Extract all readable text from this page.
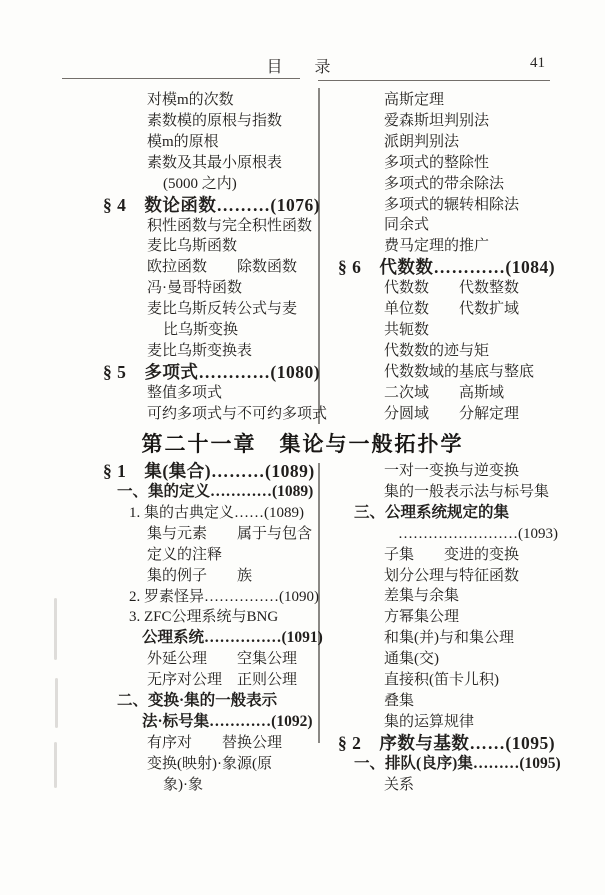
目　录	41
第二十一章　集论与一般拓扑学
对模m的次数
素数模的原根与指数
模m的原根
素数及其最小原根表
(5000 之内)
§ 4　数论函数………(1076)
积性函数与完全积性函数
麦比乌斯函数
欧拉函数　　除数函数
冯·曼哥特函数
麦比乌斯反转公式与麦
比乌斯变换
麦比乌斯变换表
§ 5　多项式…………(1080)
整值多项式
可约多项式与不可约多项式
高斯定理
爱森斯坦判别法
派朗判别法
多项式的整除性
多项式的带余除法
多项式的辗转相除法
同余式
费马定理的推广
§ 6　代数数…………(1084)
代数数　　代数整数
单位数　　代数扩域
共轭数
代数数的迹与矩
代数数域的基底与整底
二次域　　高斯域
分圆域　　分解定理
§ 1　集(集合)………(1089)
一、集的定义…………(1089)
1. 集的古典定义……(1089)
集与元素　　属于与包含
定义的注释
集的例子　　族
2. 罗素怪异……………(1090)
3. ZFC公理系统与BNG
公理系统……………(1091)
外延公理　　空集公理
无序对公理　正则公理
二、变换·集的一般表示
法·标号集…………(1092)
有序对　　替换公理
变换(映射)·象源(原
象)·象
一对一变换与逆变换
集的一般表示法与标号集
三、公理系统规定的集
……………………(1093)
子集　　变进的变换
划分公理与特征函数
差集与余集
方幂集公理
和集(并)与和集公理
通集(交)
直接积(笛卡儿积)
叠集
集的运算规律
§ 2　序数与基数……(1095)
一、排队(良序)集………(1095)
关系
